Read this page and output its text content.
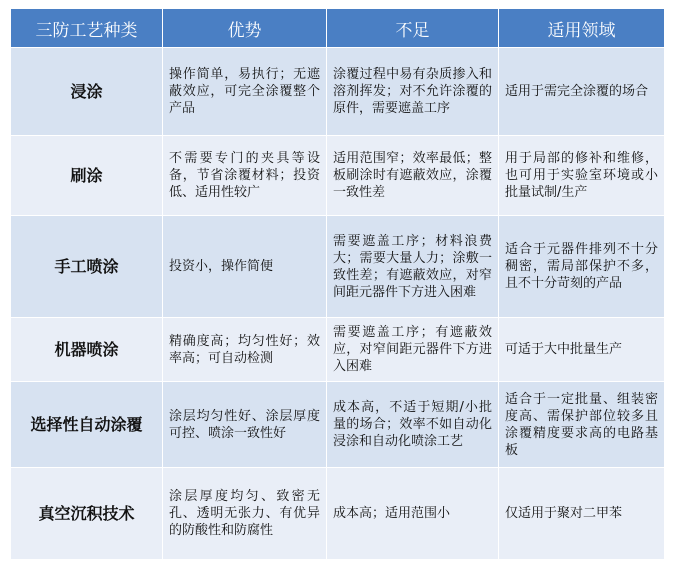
三防工艺种类	优势	不足	适用领域
浸涂	操作简单，易执行；无遮蔽效应，可完全涂覆整个产品	涂覆过程中易有杂质掺入和溶剂挥发；对不允许涂覆的原件，需要遮盖工序	适用于需完全涂覆的场合
刷涂	不需要专门的夹具等设备，节省涂覆材料；投资低、适用性较广	适用范围窄；效率最低；整板刷涂时有遮蔽效应，涂覆一致性差	用于局部的修补和维修，也可用于实验室环境或小批量试制/生产
手工喷涂	投资小，操作简便	需要遮盖工序；材料浪费大；需要大量人力；涂敷一致性差；有遮蔽效应，对窄间距元器件下方进入困难	适合于元器件排列不十分稠密，需局部保护不多，且不十分苛刻的产品
机器喷涂	精确度高；均匀性好；效率高；可自动检测	需要遮盖工序；有遮蔽效应，对窄间距元器件下方进入困难	可适于大中批量生产
选择性自动涂覆	涂层均匀性好、涂层厚度可控、喷涂一致性好	成本高，不适于短期/小批量的场合；效率不如自动化浸涂和自动化喷涂工艺	适合于一定批量、组装密度高、需保护部位较多且涂覆精度要求高的电路基板
真空沉积技术	涂层厚度均匀、致密无孔、透明无张力、有优异的防酸性和防腐性	成本高；适用范围小	仅适用于聚对二甲苯
